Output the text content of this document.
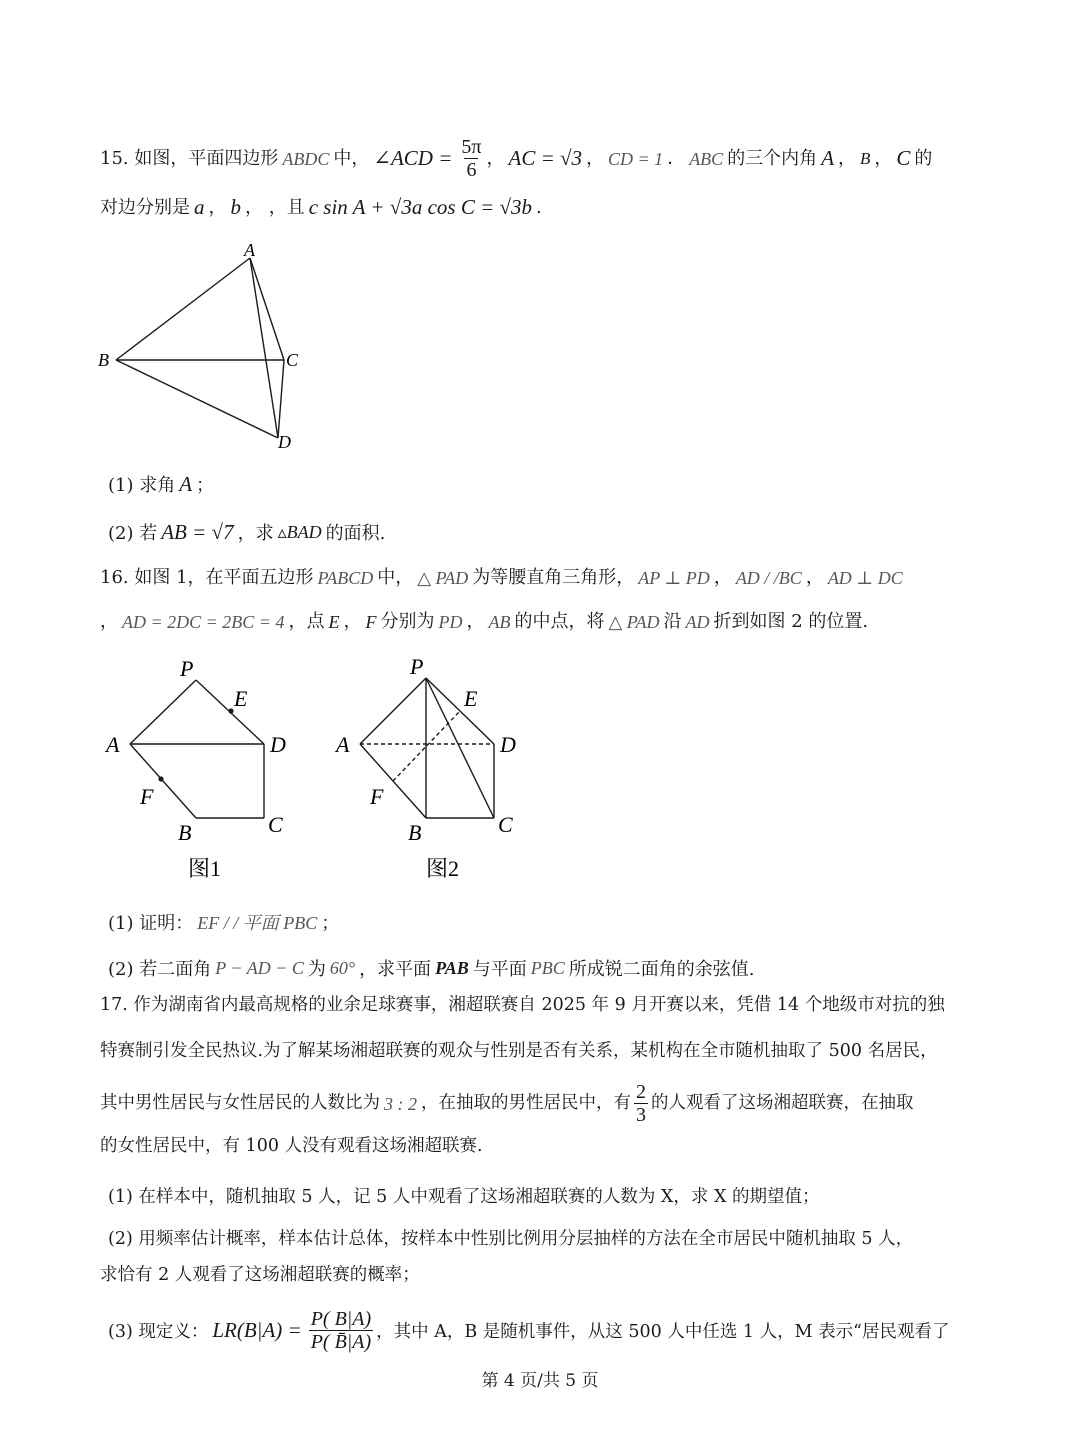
15. 如图，平面四边形 ABDC 中， ∠ACD = $\frac{5\pi}{6}$ ， AC = √3 ， CD = 1 ． ABC 的三个内角 A ， B ， C 的
对边分别是 a ， b ， ，且 c sin A + √3a cos C = √3b .
A
B	C
D
(1) 求角 A ；
(2) 若 AB = √7 ，求 ▵BAD 的面积.
16. 如图 1，在平面五边形 PABCD 中， △ PAD 为等腰直角三角形， AP ⊥ PD ， AD / /BC ， AD ⊥ DC
， AD = 2DC = 2BC = 4 ，点 E ， F 分别为 PD ， AB 的中点，将 △ PAD 沿 AD 折到如图 2 的位置.
P
E
A	D
F
B	C
图1
P
E
A	D
F
B	C
图2
(1) 证明： EF / / 平面 PBC ；
(2) 若二面角 P − AD − C 为 60° ，求平面 PAB 与平面 PBC 所成锐二面角的余弦值.
17. 作为湖南省内最高规格的业余足球赛事，湘超联赛自 2025 年 9 月开赛以来，凭借 14 个地级市对抗的独
特赛制引发全民热议.为了解某场湘超联赛的观众与性别是否有关系，某机构在全市随机抽取了 500 名居民，
其中男性居民与女性居民的人数比为 3 : 2 ，在抽取的男性居民中，有 $\frac{2}{3}$ 的人观看了这场湘超联赛，在抽取
的女性居民中，有 100 人没有观看这场湘超联赛.
(1) 在样本中，随机抽取 5 人，记 5 人中观看了这场湘超联赛的人数为 X，求 X 的期望值；
(2) 用频率估计概率，样本估计总体，按样本中性别比例用分层抽样的方法在全市居民中随机抽取 5 人，
求恰有 2 人观看了这场湘超联赛的概率；
(3) 现定义： $LR(B|A) = \frac{P( B|A)}{P( B̄|A)}$ ，其中 A，B 是随机事件，从这 500 人中任选 1 人，M 表示“居民观看了
第 4 页/共 5 页
